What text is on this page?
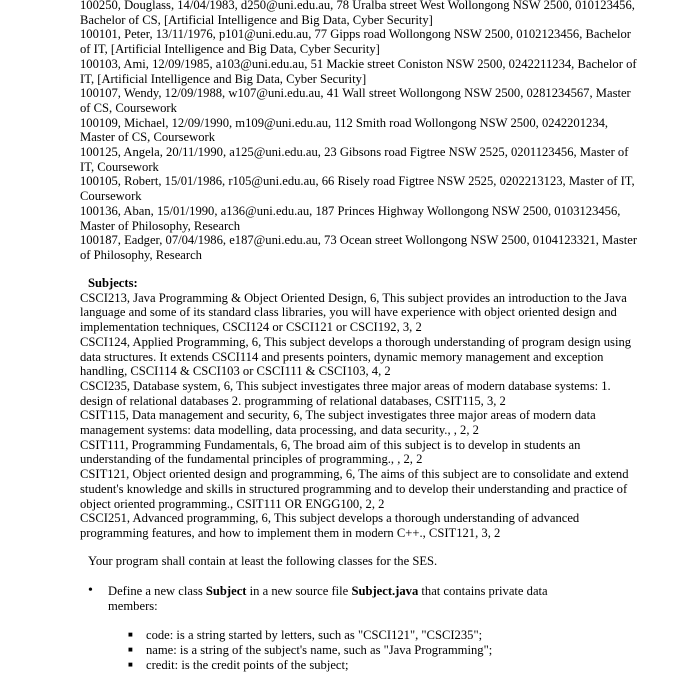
100250, Douglass, 14/04/1983, d250@uni.edu.au, 78 Uralba street West Wollongong NSW 2500, 010123456, Bachelor of CS, [Artificial Intelligence and Big Data, Cyber Security]

100101, Peter, 13/11/1976, p101@uni.edu.au, 77 Gipps road Wollongong NSW 2500, 0102123456, Bachelor of IT, [Artificial Intelligence and Big Data, Cyber Security]

100103, Ami, 12/09/1985, a103@uni.edu.au, 51 Mackie street Coniston NSW 2500, 0242211234, Bachelor of IT, [Artificial Intelligence and Big Data, Cyber Security]

100107, Wendy, 12/09/1988, w107@uni.edu.au, 41 Wall street Wollongong NSW 2500, 0281234567, Master of CS, Coursework

100109, Michael, 12/09/1990, m109@uni.edu.au, 112 Smith road Wollongong NSW 2500, 0242201234, Master of CS, Coursework

100125, Angela, 20/11/1990, a125@uni.edu.au, 23 Gibsons road Figtree NSW 2525, 0201123456, Master of IT, Coursework

100105, Robert, 15/01/1986, r105@uni.edu.au, 66 Risely road Figtree NSW 2525, 0202213123, Master of IT, Coursework

100136, Aban, 15/01/1990, a136@uni.edu.au, 187 Princes Highway Wollongong NSW 2500, 0103123456, Master of Philosophy, Research

100187, Eadger, 07/04/1986, e187@uni.edu.au, 73 Ocean street Wollongong NSW 2500, 0104123321, Master of Philosophy, Research

Subjects:

CSCI213, Java Programming & Object Oriented Design, 6, This subject provides an introduction to the Java language and some of its standard class libraries, you will have experience with object oriented design and implementation techniques, CSCI124 or CSCI121 or CSCI192, 3, 2

CSCI124, Applied Programming, 6, This subject develops a thorough understanding of program design using data structures. It extends CSCI114 and presents pointers, dynamic memory management and exception handling, CSCI114 & CSCI103 or CSCI111 & CSCI103, 4, 2

CSCI235, Database system, 6, This subject investigates three major areas of modern database systems: 1. design of relational databases 2. programming of relational databases, CSIT115, 3, 2

CSIT115, Data management and security, 6, The subject investigates three major areas of modern data management systems: data modelling, data processing, and data security., , 2, 2

CSIT111, Programming Fundamentals, 6, The broad aim of this subject is to develop in students an understanding of the fundamental principles of programming., , 2, 2

CSIT121, Object oriented design and programming, 6, The aims of this subject are to consolidate and extend student's knowledge and skills in structured programming and to develop their understanding and practice of object oriented programming., CSIT111 OR ENGG100, 2, 2

CSCI251, Advanced programming, 6, This subject develops a thorough understanding of advanced programming features, and how to implement them in modern C++., CSIT121, 3, 2

Your program shall contain at least the following classes for the SES.

•	Define a new class Subject in a new source file Subject.java that contains private data members:
■	code: is a string started by letters, such as "CSCI121", "CSCI235";
■	name: is a string of the subject's name, such as "Java Programming";
■	credit: is the credit points of the subject;
